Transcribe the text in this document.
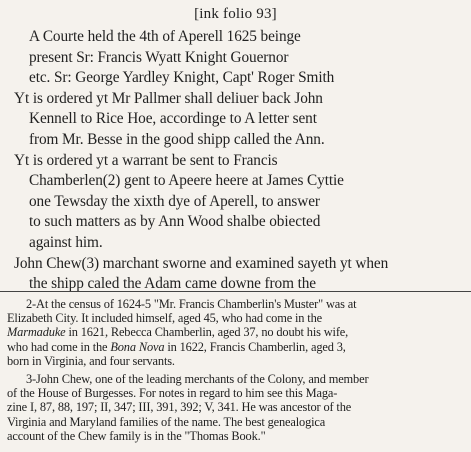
[ink folio 93]

A Courte held the 4th of Aperell 1625 beinge
present Sr: Francis Wyatt Knight Gouernor
etc. Sr: George Yardley Knight, Capt' Roger Smith

Yt is ordered yt Mr Pallmer shall deliuer back John
Kennell to Rice Hoe, accordinge to A letter sent
from Mr. Besse in the good shipp called the Ann.

Yt is ordered yt a warrant be sent to Francis
Chamberlen(2) gent to Apeere heere at James Cyttie
one Tewsday the xixth dye of Aperell, to answer
to such matters as by Ann Wood shalbe obiected
against him.

John Chew(3) marchant sworne and examined sayeth yt when
the shipp caled the Adam came downe from the

2-At the census of 1624-5 "Mr. Francis Chamberlin's Muster" was at
Elizabeth City. It included himself, aged 45, who had come in the
Marmaduke in 1621, Rebecca Chamberlin, aged 37, no doubt his wife,
who had come in the Bona Nova in 1622, Francis Chamberlin, aged 3,
born in Virginia, and four servants.

3-John Chew, one of the leading merchants of the Colony, and member
of the House of Burgesses. For notes in regard to him see this Maga-
zine I, 87, 88, 197; II, 347; III, 391, 392; V, 341. He was ancestor of the
Virginia and Maryland families of the name. The best genealogica
account of the Chew family is in the "Thomas Book."
